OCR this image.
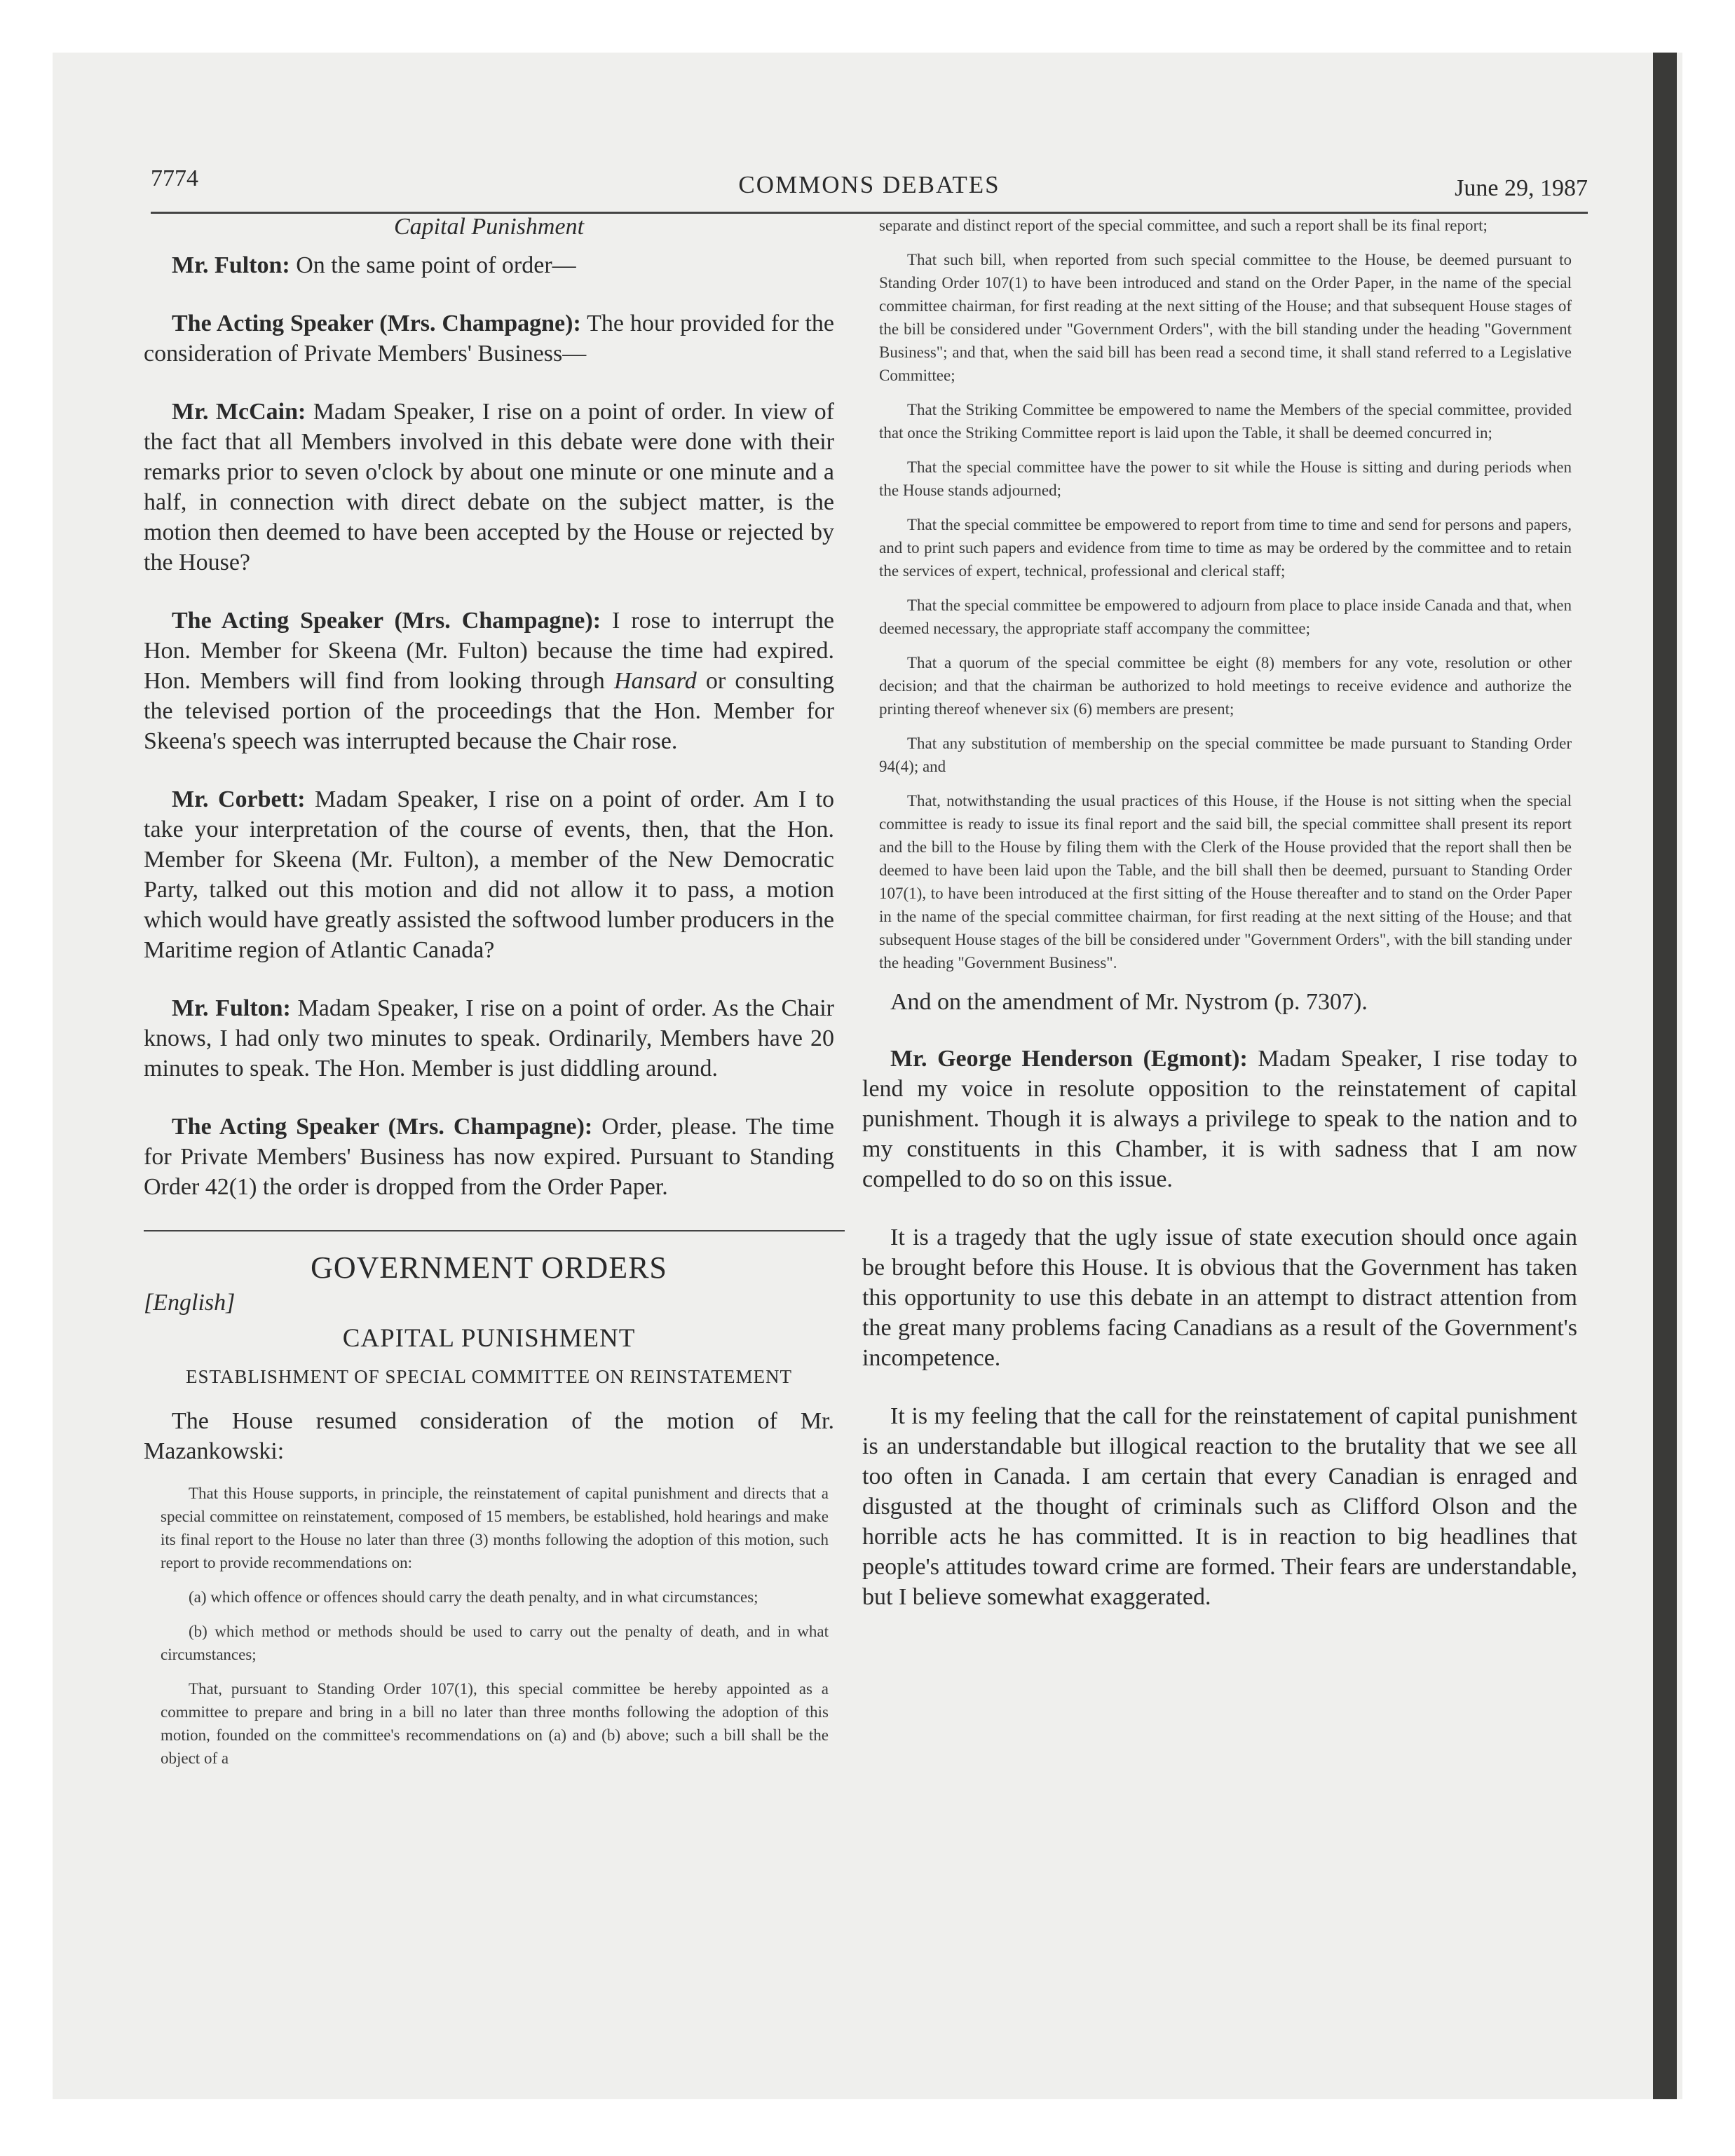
7774	COMMONS DEBATES	June 29, 1987
Capital Punishment

Mr. Fulton: On the same point of order—

The Acting Speaker (Mrs. Champagne): The hour provided for the consideration of Private Members' Business—

Mr. McCain: Madam Speaker, I rise on a point of order. In view of the fact that all Members involved in this debate were done with their remarks prior to seven o'clock by about one minute or one minute and a half, in connection with direct debate on the subject matter, is the motion then deemed to have been accepted by the House or rejected by the House?

The Acting Speaker (Mrs. Champagne): I rose to interrupt the Hon. Member for Skeena (Mr. Fulton) because the time had expired. Hon. Members will find from looking through Hansard or consulting the televised portion of the proceedings that the Hon. Member for Skeena's speech was interrupted because the Chair rose.

Mr. Corbett: Madam Speaker, I rise on a point of order. Am I to take your interpretation of the course of events, then, that the Hon. Member for Skeena (Mr. Fulton), a member of the New Democratic Party, talked out this motion and did not allow it to pass, a motion which would have greatly assisted the softwood lumber producers in the Maritime region of Atlantic Canada?

Mr. Fulton: Madam Speaker, I rise on a point of order. As the Chair knows, I had only two minutes to speak. Ordinarily, Members have 20 minutes to speak. The Hon. Member is just diddling around.

The Acting Speaker (Mrs. Champagne): Order, please. The time for Private Members' Business has now expired. Pursuant to Standing Order 42(1) the order is dropped from the Order Paper.

GOVERNMENT ORDERS
[English]
CAPITAL PUNISHMENT
ESTABLISHMENT OF SPECIAL COMMITTEE ON REINSTATEMENT

The House resumed consideration of the motion of Mr. Mazankowski:

That this House supports, in principle, the reinstatement of capital punishment and directs that a special committee on reinstatement, composed of 15 members, be established, hold hearings and make its final report to the House no later than three (3) months following the adoption of this motion, such report to provide recommendations on:

(a) which offence or offences should carry the death penalty, and in what circumstances;

(b) which method or methods should be used to carry out the penalty of death, and in what circumstances;

That, pursuant to Standing Order 107(1), this special committee be hereby appointed as a committee to prepare and bring in a bill no later than three months following the adoption of this motion, founded on the committee's recommendations on (a) and (b) above; such a bill shall be the object of a

separate and distinct report of the special committee, and such a report shall be its final report;

That such bill, when reported from such special committee to the House, be deemed pursuant to Standing Order 107(1) to have been introduced and stand on the Order Paper, in the name of the special committee chairman, for first reading at the next sitting of the House; and that subsequent House stages of the bill be considered under "Government Orders", with the bill standing under the heading "Government Business"; and that, when the said bill has been read a second time, it shall stand referred to a Legislative Committee;

That the Striking Committee be empowered to name the Members of the special committee, provided that once the Striking Committee report is laid upon the Table, it shall be deemed concurred in;

That the special committee have the power to sit while the House is sitting and during periods when the House stands adjourned;

That the special committee be empowered to report from time to time and send for persons and papers, and to print such papers and evidence from time to time as may be ordered by the committee and to retain the services of expert, technical, professional and clerical staff;

That the special committee be empowered to adjourn from place to place inside Canada and that, when deemed necessary, the appropriate staff accompany the committee;

That a quorum of the special committee be eight (8) members for any vote, resolution or other decision; and that the chairman be authorized to hold meetings to receive evidence and authorize the printing thereof whenever six (6) members are present;

That any substitution of membership on the special committee be made pursuant to Standing Order 94(4); and

That, notwithstanding the usual practices of this House, if the House is not sitting when the special committee is ready to issue its final report and the said bill, the special committee shall present its report and the bill to the House by filing them with the Clerk of the House provided that the report shall then be deemed to have been laid upon the Table, and the bill shall then be deemed, pursuant to Standing Order 107(1), to have been introduced at the first sitting of the House thereafter and to stand on the Order Paper in the name of the special committee chairman, for first reading at the next sitting of the House; and that subsequent House stages of the bill be considered under "Government Orders", with the bill standing under the heading "Government Business".

And on the amendment of Mr. Nystrom (p. 7307).

Mr. George Henderson (Egmont): Madam Speaker, I rise today to lend my voice in resolute opposition to the reinstatement of capital punishment. Though it is always a privilege to speak to the nation and to my constituents in this Chamber, it is with sadness that I am now compelled to do so on this issue.

It is a tragedy that the ugly issue of state execution should once again be brought before this House. It is obvious that the Government has taken this opportunity to use this debate in an attempt to distract attention from the great many problems facing Canadians as a result of the Government's incompetence.

It is my feeling that the call for the reinstatement of capital punishment is an understandable but illogical reaction to the brutality that we see all too often in Canada. I am certain that every Canadian is enraged and disgusted at the thought of criminals such as Clifford Olson and the horrible acts he has committed. It is in reaction to big headlines that people's attitudes toward crime are formed. Their fears are understandable, but I believe somewhat exaggerated.
